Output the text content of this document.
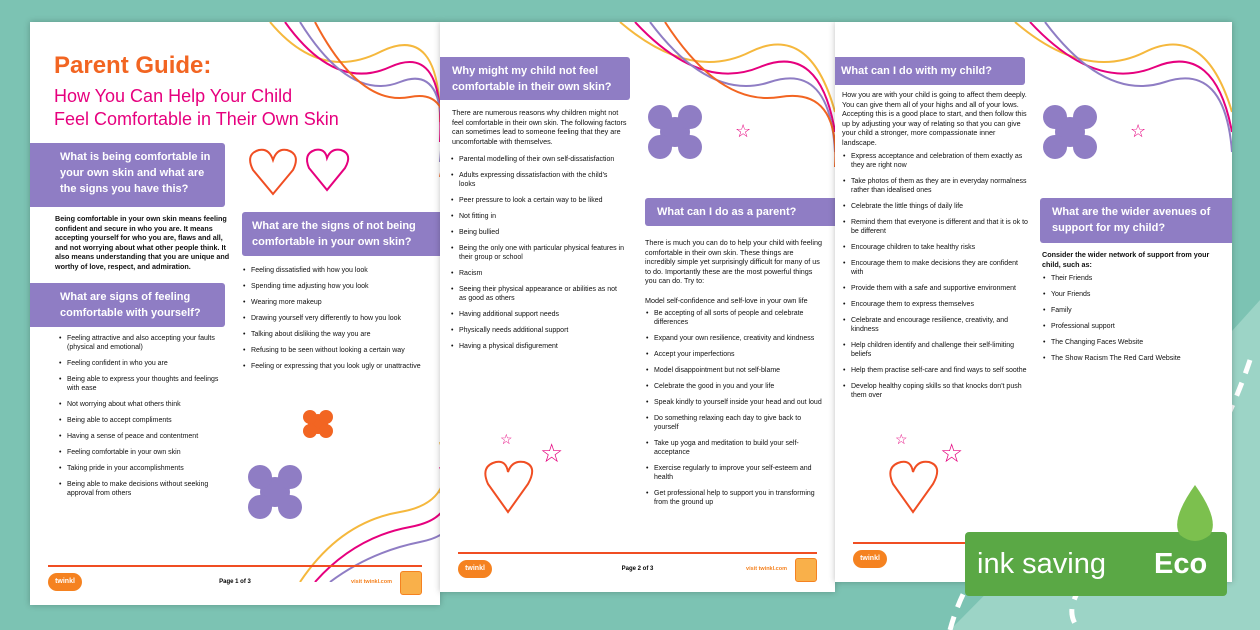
Parent Guide:
How You Can Help Your Child
Feel Comfortable in Their Own Skin
What is being comfortable in your own skin and what are the signs you have this?
Being comfortable in your own skin means feeling confident and secure in who you are. It means accepting yourself for who you are, flaws and all, and not worrying about what other people think. It also means understanding that you are unique and worthy of love, respect, and admiration.
What are signs of feeling comfortable with yourself?
• Feeling attractive and also accepting your faults (physical and emotional)
• Feeling confident in who you are
• Being able to express your thoughts and feelings with ease
• Not worrying about what others think
• Being able to accept compliments
• Having a sense of peace and contentment
• Feeling comfortable in your own skin
• Taking pride in your accomplishments
• Being able to make decisions without seeking approval from others
What are the signs of not being comfortable in your own skin?
• Feeling dissatisfied with how you look
• Spending time adjusting how you look
• Wearing more makeup
• Drawing yourself very differently to how you look
• Talking about disliking the way you are
• Refusing to be seen without looking a certain way
• Feeling or expressing that you look ugly or unattractive
twinkl	Page 1 of 3	visit twinkl.com
Why might my child not feel comfortable in their own skin?
There are numerous reasons why children might not feel comfortable in their own skin. The following factors can sometimes lead to someone feeling that they are uncomfortable with themselves.
• Parental modelling of their own self-dissatisfaction
• Adults expressing dissatisfaction with the child's looks
• Peer pressure to look a certain way to be liked
• Not fitting in
• Being bullied
• Being the only one with particular physical features in their group or school
• Racism
• Seeing their physical appearance or abilities as not as good as others
• Having additional support needs
• Physically needs additional support
• Having a physical disfigurement
☆
What can I do as a parent?
There is much you can do to help your child with feeling comfortable in their own skin. These things are incredibly simple yet surprisingly difficult for many of us to do. Importantly these are the most powerful things you can do. Try to:
Model self-confidence and self-love in your own life
• Be accepting of all sorts of people and celebrate differences
• Expand your own resilience, creativity and kindness
• Accept your imperfections
• Model disappointment but not self-blame
• Celebrate the good in you and your life
• Speak kindly to yourself inside your head and out loud
• Do something relaxing each day to give back to yourself
• Take up yoga and meditation to build your self-acceptance
• Exercise regularly to improve your self-esteem and health
• Get professional help to support you in transforming from the ground up
☆
☆
twinkl	Page 2 of 3	visit twinkl.com
What can I do with my child?
How you are with your child is going to affect them deeply. You can give them all of your highs and all of your lows. Accepting this is a good place to start, and then follow this up by adjusting your way of relating so that you can give your child a stronger, more compassionate inner landscape.
• Express acceptance and celebration of them exactly as they are right now
• Take photos of them as they are in everyday normalness rather than idealised ones
• Celebrate the little things of daily life
• Remind them that everyone is different and that it is ok to be different
• Encourage children to take healthy risks
• Encourage them to make decisions they are confident with
• Provide them with a safe and supportive environment
• Encourage them to express themselves
• Celebrate and encourage resilience, creativity, and kindness
• Help children identify and challenge their self-limiting beliefs
• Help them practise self-care and find ways to self soothe
• Develop healthy coping skills so that knocks don't push them over
☆
What are the wider avenues of support for my child?
Consider the wider network of support from your child, such as:
• Their Friends
• Your Friends
• Family
• Professional support
• The Changing Faces Website
• The Show Racism The Red Card Website
☆
☆
twinkl
☆
☆ ☆
ink saving	Eco
